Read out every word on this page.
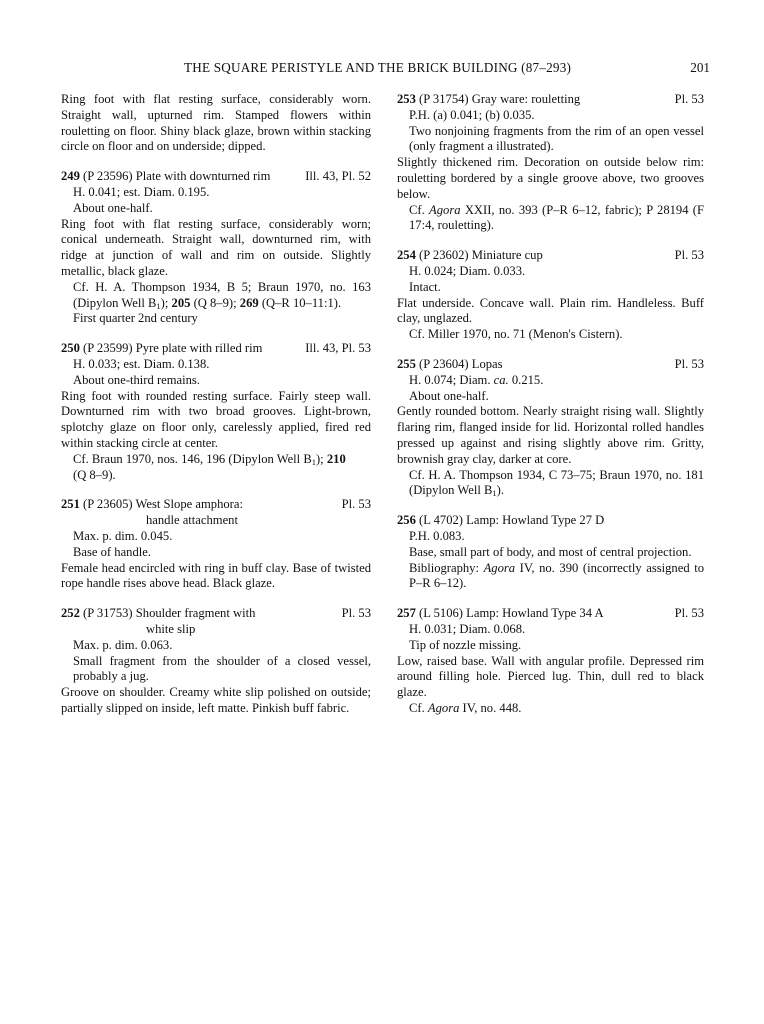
THE SQUARE PERISTYLE AND THE BRICK BUILDING (87–293)	201

Ring foot with flat resting surface, considerably worn. Straight wall, upturned rim. Stamped flowers within rouletting on floor. Shiny black glaze, brown within stacking circle on floor and on underside; dipped.

249 (P 23596) Plate with downturned rim	Ill. 43, Pl. 52

H. 0.041; est. Diam. 0.195.

About one-half.

Ring foot with flat resting surface, considerably worn; conical underneath. Straight wall, downturned rim, with ridge at junction of wall and rim on outside. Slightly metallic, black glaze.

Cf. H. A. Thompson 1934, B 5; Braun 1970, no. 163 (Dipylon Well $B_1$); 205 (Q 8–9); 269 (Q–R 10–11:1).

First quarter 2nd century

250 (P 23599) Pyre plate with rilled rim	Ill. 43, Pl. 53

H. 0.033; est. Diam. 0.138.

About one-third remains.

Ring foot with rounded resting surface. Fairly steep wall. Downturned rim with two broad grooves. Light-brown, splotchy glaze on floor only, carelessly applied, fired red within stacking circle at center.

Cf. Braun 1970, nos. 146, 196 (Dipylon Well $B_1$); 210
(Q 8–9).

251 (P 23605) West Slope amphora:
handle attachment
Pl. 53

Max. p. dim. 0.045.

Base of handle.

Female head encircled with ring in buff clay. Base of twisted rope handle rises above head. Black glaze.

252 (P 31753) Shoulder fragment with
white slip
Pl. 53

Max. p. dim. 0.063.

Small fragment from the shoulder of a closed vessel, probably a jug.

Groove on shoulder. Creamy white slip polished on outside; partially slipped on inside, left matte. Pinkish buff fabric.

253 (P 31754) Gray ware: rouletting	Pl. 53

P.H. (a) 0.041; (b) 0.035.

Two nonjoining fragments from the rim of an open vessel (only fragment a illustrated).

Slightly thickened rim. Decoration on outside below rim: rouletting bordered by a single groove above, two grooves below.

Cf. Agora XXII, no. 393 (P–R 6–12, fabric); P 28194 (F 17:4, rouletting).

254 (P 23602) Miniature cup	Pl. 53

H. 0.024; Diam. 0.033.

Intact.

Flat underside. Concave wall. Plain rim. Handleless. Buff clay, unglazed.

Cf. Miller 1970, no. 71 (Menon's Cistern).

255 (P 23604) Lopas	Pl. 53

H. 0.074; Diam. ca. 0.215.

About one-half.

Gently rounded bottom. Nearly straight rising wall. Slightly flaring rim, flanged inside for lid. Horizontal rolled handles pressed up against and rising slightly above rim. Gritty, brownish gray clay, darker at core.

Cf. H. A. Thompson 1934, C 73–75; Braun 1970, no. 181 (Dipylon Well $B_1$).

256 (L 4702) Lamp: Howland Type 27 D

P.H. 0.083.

Base, small part of body, and most of central projection.

Bibliography: Agora IV, no. 390 (incorrectly assigned to P–R 6–12).

257 (L 5106) Lamp: Howland Type 34 A	Pl. 53

H. 0.031; Diam. 0.068.

Tip of nozzle missing.

Low, raised base. Wall with angular profile. Depressed rim around filling hole. Pierced lug. Thin, dull red to black glaze.

Cf. Agora IV, no. 448.
